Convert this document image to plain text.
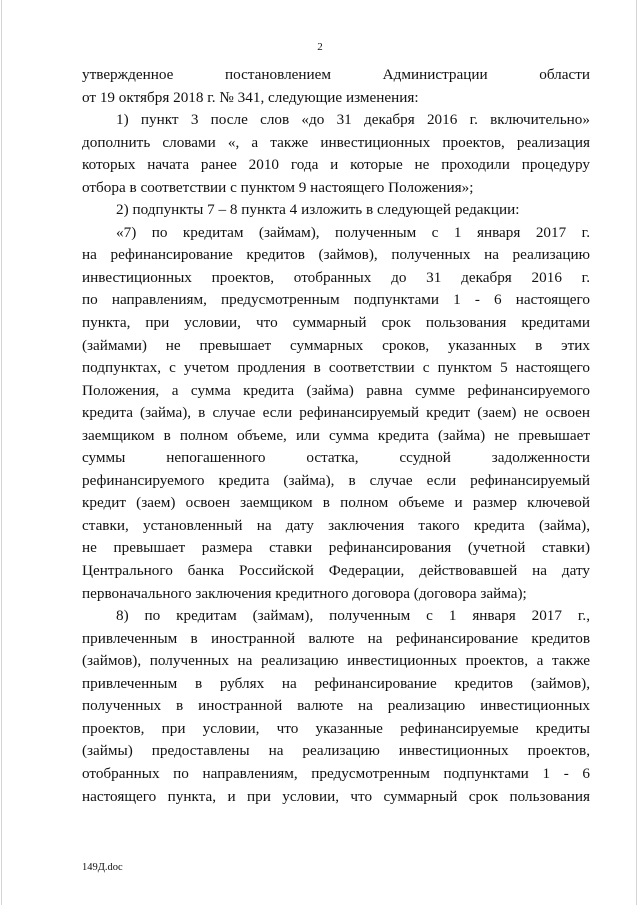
2
утвержденное постановлением Администрации области
от 19 октября 2018 г. № 341, следующие изменения:
1) пункт 3 после слов «до 31 декабря 2016 г. включительно»
дополнить словами «, а также инвестиционных проектов, реализация
которых начата ранее 2010 года и которые не проходили процедуру
отбора в соответствии с пунктом 9 настоящего Положения»;
2) подпункты 7 – 8 пункта 4 изложить в следующей редакции:
«7) по кредитам (займам), полученным с 1 января 2017 г.
на рефинансирование кредитов (займов), полученных на реализацию
инвестиционных проектов, отобранных до 31 декабря 2016 г.
по направлениям, предусмотренным подпунктами 1 - 6 настоящего
пункта, при условии, что суммарный срок пользования кредитами
(займами) не превышает суммарных сроков, указанных в этих
подпунктах, с учетом продления в соответствии с пунктом 5 настоящего
Положения, а сумма кредита (займа) равна сумме рефинансируемого
кредита (займа), в случае если рефинансируемый кредит (заем) не освоен
заемщиком в полном объеме, или сумма кредита (займа) не превышает
суммы непогашенного остатка, ссудной задолженности
рефинансируемого кредита (займа), в случае если рефинансируемый
кредит (заем) освоен заемщиком в полном объеме и размер ключевой
ставки, установленный на дату заключения такого кредита (займа),
не превышает размера ставки рефинансирования (учетной ставки)
Центрального банка Российской Федерации, действовавшей на дату
первоначального заключения кредитного договора (договора займа);
8) по кредитам (займам), полученным с 1 января 2017 г.,
привлеченным в иностранной валюте на рефинансирование кредитов
(займов), полученных на реализацию инвестиционных проектов, а также
привлеченным в рублях на рефинансирование кредитов (займов),
полученных в иностранной валюте на реализацию инвестиционных
проектов, при условии, что указанные рефинансируемые кредиты
(займы) предоставлены на реализацию инвестиционных проектов,
отобранных по направлениям, предусмотренным подпунктами 1 - 6
настоящего пункта, и при условии, что суммарный срок пользования
149Д.doc
